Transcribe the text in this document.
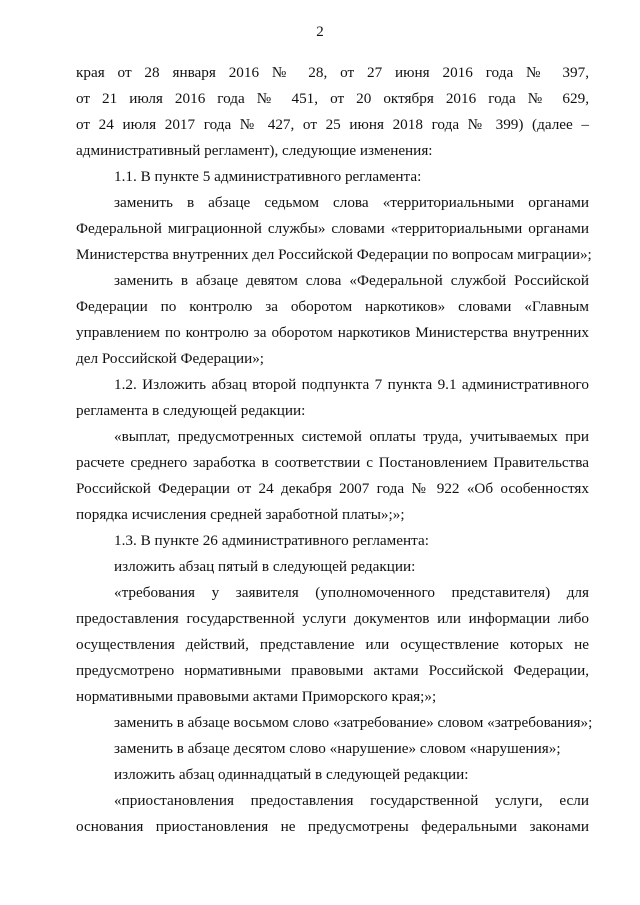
2
края от 28 января 2016 № 28, от 27 июня 2016 года № 397,
от 21 июля 2016 года № 451, от 20 октября 2016 года № 629,
от 24 июля 2017 года № 427, от 25 июня 2018 года № 399) (далее –
административный регламент), следующие изменения:
1.1. В пункте 5 административного регламента:
заменить в абзаце седьмом слова «территориальными органами
Федеральной миграционной службы» словами «территориальными органами
Министерства внутренних дел Российской Федерации по вопросам миграции»;
заменить в абзаце девятом слова «Федеральной службой Российской
Федерации по контролю за оборотом наркотиков» словами «Главным
управлением по контролю за оборотом наркотиков Министерства внутренних
дел Российской Федерации»;
1.2. Изложить абзац второй подпункта 7 пункта 9.1 административного
регламента в следующей редакции:
«выплат, предусмотренных системой оплаты труда, учитываемых при
расчете среднего заработка в соответствии с Постановлением Правительства
Российской Федерации от 24 декабря 2007 года № 922 «Об особенностях
порядка исчисления средней заработной платы»;»;
1.3. В пункте 26 административного регламента:
изложить абзац пятый в следующей редакции:
«требования у заявителя (уполномоченного представителя) для
предоставления государственной услуги документов или информации либо
осуществления действий, представление или осуществление которых не
предусмотрено нормативными правовыми актами Российской Федерации,
нормативными правовыми актами Приморского края;»;
заменить в абзаце восьмом слово «затребование» словом «затребования»;
заменить в абзаце десятом слово «нарушение» словом «нарушения»;
изложить абзац одиннадцатый в следующей редакции:
«приостановления предоставления государственной услуги, если
основания приостановления не предусмотрены федеральными законами
